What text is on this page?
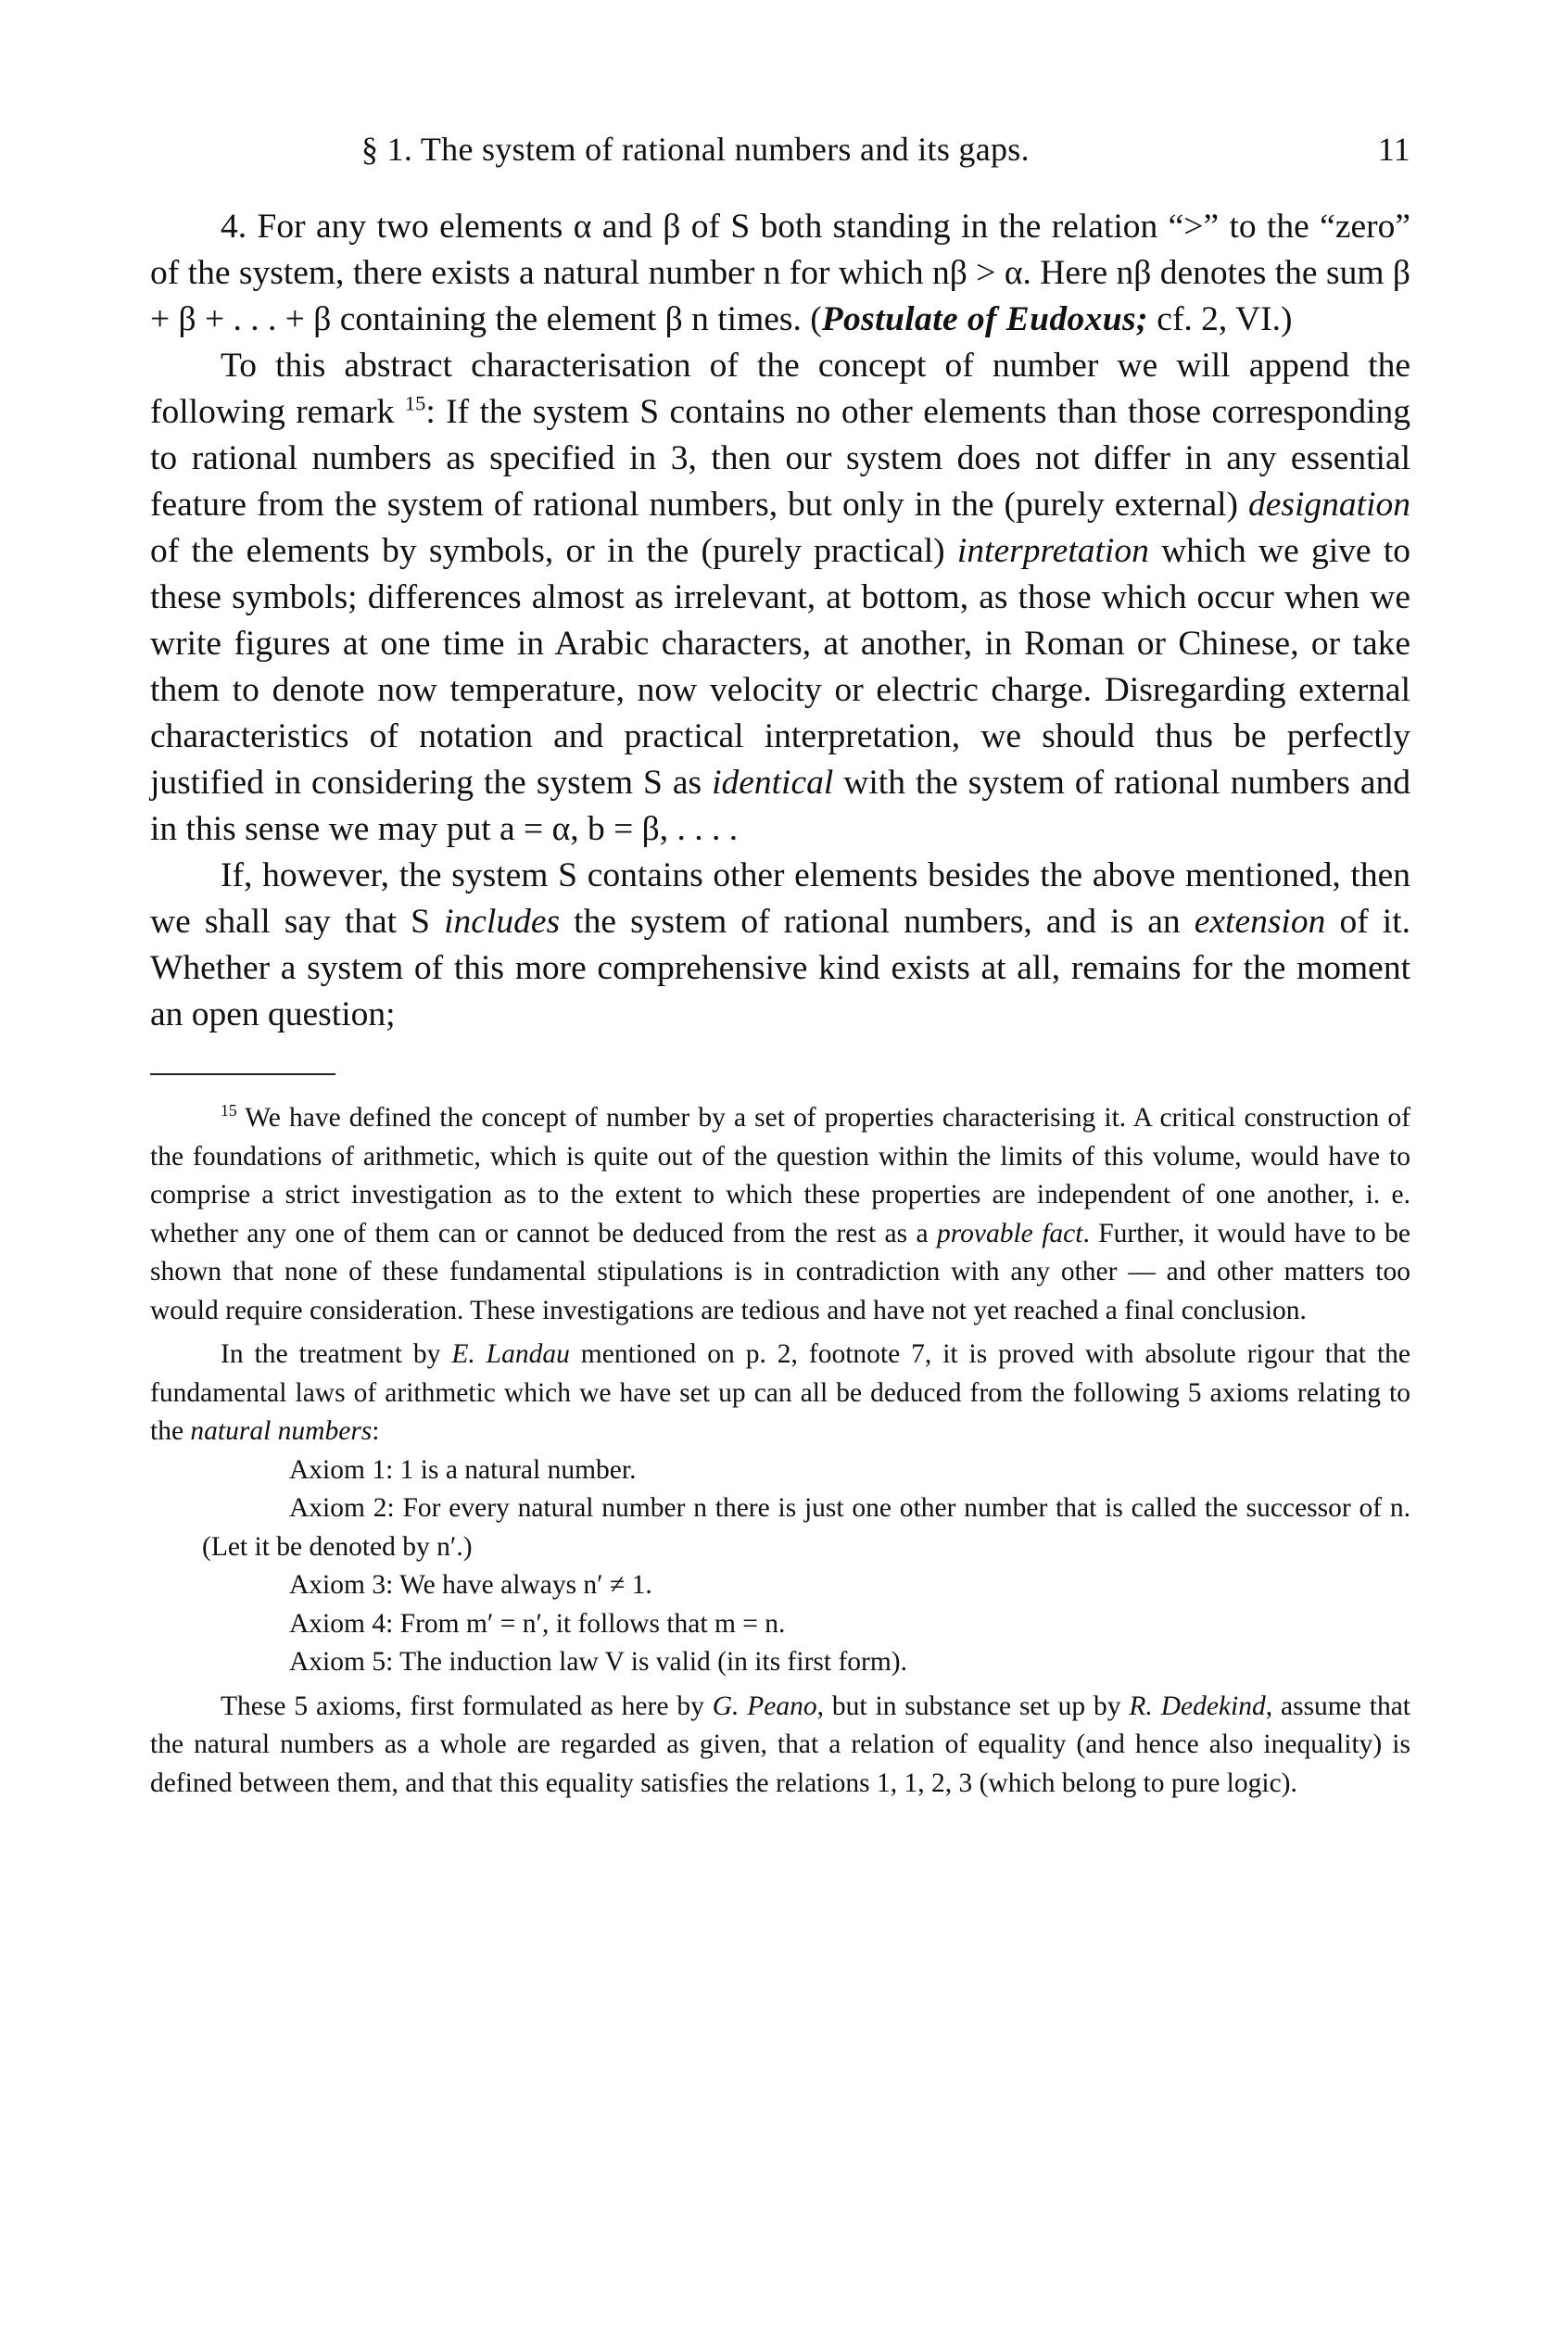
§ 1. The system of rational numbers and its gaps.	11

4. For any two elements α and β of S both standing in the relation “>” to the “zero” of the system, there exists a natural number n for which nβ > α. Here nβ denotes the sum β + β + . . . + β containing the element β n times. (Postulate of Eudoxus; cf. 2, VI.)

To this abstract characterisation of the concept of number we will append the following remark $^{15}$: If the system S contains no other elements than those corresponding to rational numbers as specified in 3, then our system does not differ in any essential feature from the system of rational numbers, but only in the (purely external) designation of the elements by symbols, or in the (purely practical) interpretation which we give to these symbols; differences almost as irrelevant, at bottom, as those which occur when we write figures at one time in Arabic characters, at another, in Roman or Chinese, or take them to denote now temperature, now velocity or electric charge. Disregarding external characteristics of notation and practical interpretation, we should thus be perfectly justified in considering the system S as identical with the system of rational numbers and in this sense we may put a = α, b = β, . . . .

If, however, the system S contains other elements besides the above mentioned, then we shall say that S includes the system of rational numbers, and is an extension of it. Whether a system of this more comprehensive kind exists at all, remains for the moment an open question;

$^{15}$ We have defined the concept of number by a set of properties characterising it. A critical construction of the foundations of arithmetic, which is quite out of the question within the limits of this volume, would have to comprise a strict investigation as to the extent to which these properties are independent of one another, i. e. whether any one of them can or cannot be deduced from the rest as a provable fact. Further, it would have to be shown that none of these fundamental stipulations is in contradiction with any other — and other matters too would require consideration. These investigations are tedious and have not yet reached a final conclusion.

In the treatment by E. Landau mentioned on p. 2, footnote 7, it is proved with absolute rigour that the fundamental laws of arithmetic which we have set up can all be deduced from the following 5 axioms relating to the natural numbers:

Axiom 1: 1 is a natural number.

Axiom 2: For every natural number n there is just one other number that is called the successor of n. (Let it be denoted by n′.)

Axiom 3: We have always n′ ≠ 1.

Axiom 4: From m′ = n′, it follows that m = n.

Axiom 5: The induction law V is valid (in its first form).

These 5 axioms, first formulated as here by G. Peano, but in substance set up by R. Dedekind, assume that the natural numbers as a whole are regarded as given, that a relation of equality (and hence also inequality) is defined between them, and that this equality satisfies the relations 1, 1, 2, 3 (which belong to pure logic).
